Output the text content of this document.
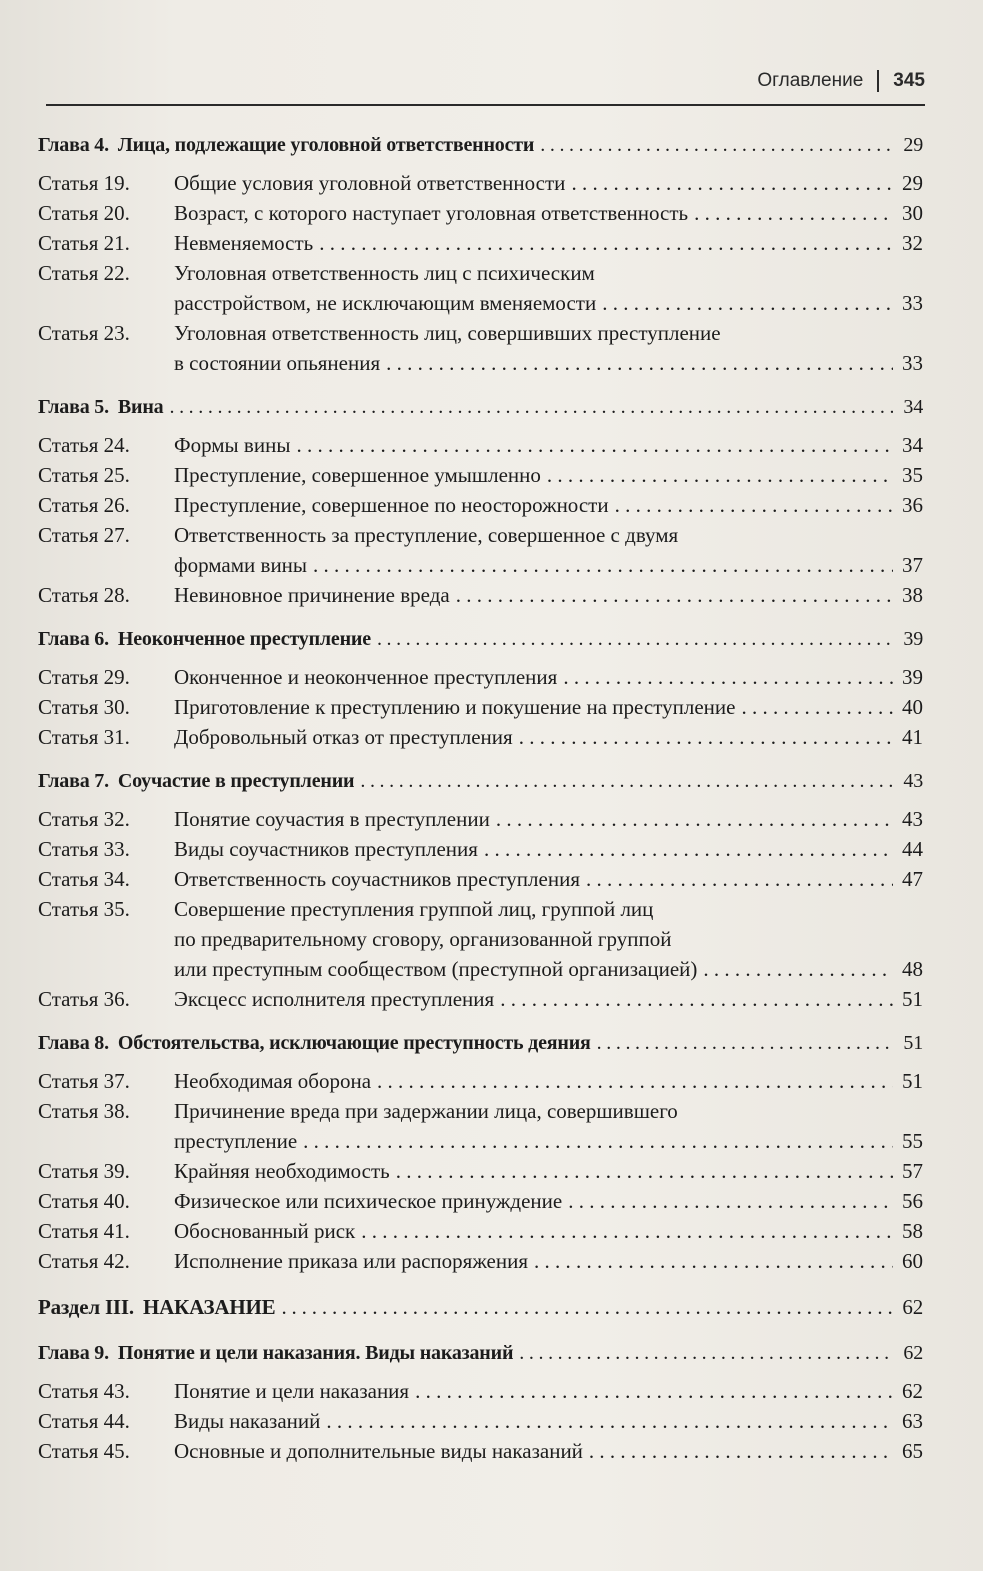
Оглавление 345
Глава 4. Лица, подлежащие уголовной ответственности . . .	29
Статья 19.	Общие условия уголовной ответственности . . .	29
Статья 20.	Возраст, с которого наступает уголовная ответственность . . .	30
Статья 21.	Невменяемость . . .	32
Статья 22.	Уголовная ответственность лиц с психическим
расстройством, не исключающим вменяемости . . .	33
Статья 23.	Уголовная ответственность лиц, совершивших преступление
в состоянии опьянения . . .	33
Глава 5. Вина . . .	34
Статья 24.	Формы вины . . .	34
Статья 25.	Преступление, совершенное умышленно . . .	35
Статья 26.	Преступление, совершенное по неосторожности . . .	36
Статья 27.	Ответственность за преступление, совершенное с двумя
формами вины . . .	37
Статья 28.	Невиновное причинение вреда . . .	38
Глава 6. Неоконченное преступление . . .	39
Статья 29.	Оконченное и неоконченное преступления . . .	39
Статья 30.	Приготовление к преступлению и покушение на преступление . . .	40
Статья 31.	Добровольный отказ от преступления . . .	41
Глава 7. Соучастие в преступлении . . .	43
Статья 32.	Понятие соучастия в преступлении . . .	43
Статья 33.	Виды соучастников преступления . . .	44
Статья 34.	Ответственность соучастников преступления . . .	47
Статья 35.	Совершение преступления группой лиц, группой лиц
по предварительному сговору, организованной группой
или преступным сообществом (преступной организацией) . . .	48
Статья 36.	Эксцесс исполнителя преступления . . .	51
Глава 8. Обстоятельства, исключающие преступность деяния . . .	51
Статья 37.	Необходимая оборона . . .	51
Статья 38.	Причинение вреда при задержании лица, совершившего
преступление . . .	55
Статья 39.	Крайняя необходимость . . .	57
Статья 40.	Физическое или психическое принуждение . . .	56
Статья 41.	Обоснованный риск . . .	58
Статья 42.	Исполнение приказа или распоряжения . . .	60
Раздел III. НАКАЗАНИЕ . . .	62
Глава 9. Понятие и цели наказания. Виды наказаний . . .	62
Статья 43.	Понятие и цели наказания . . .	62
Статья 44.	Виды наказаний . . .	63
Статья 45.	Основные и дополнительные виды наказаний . . .	65
